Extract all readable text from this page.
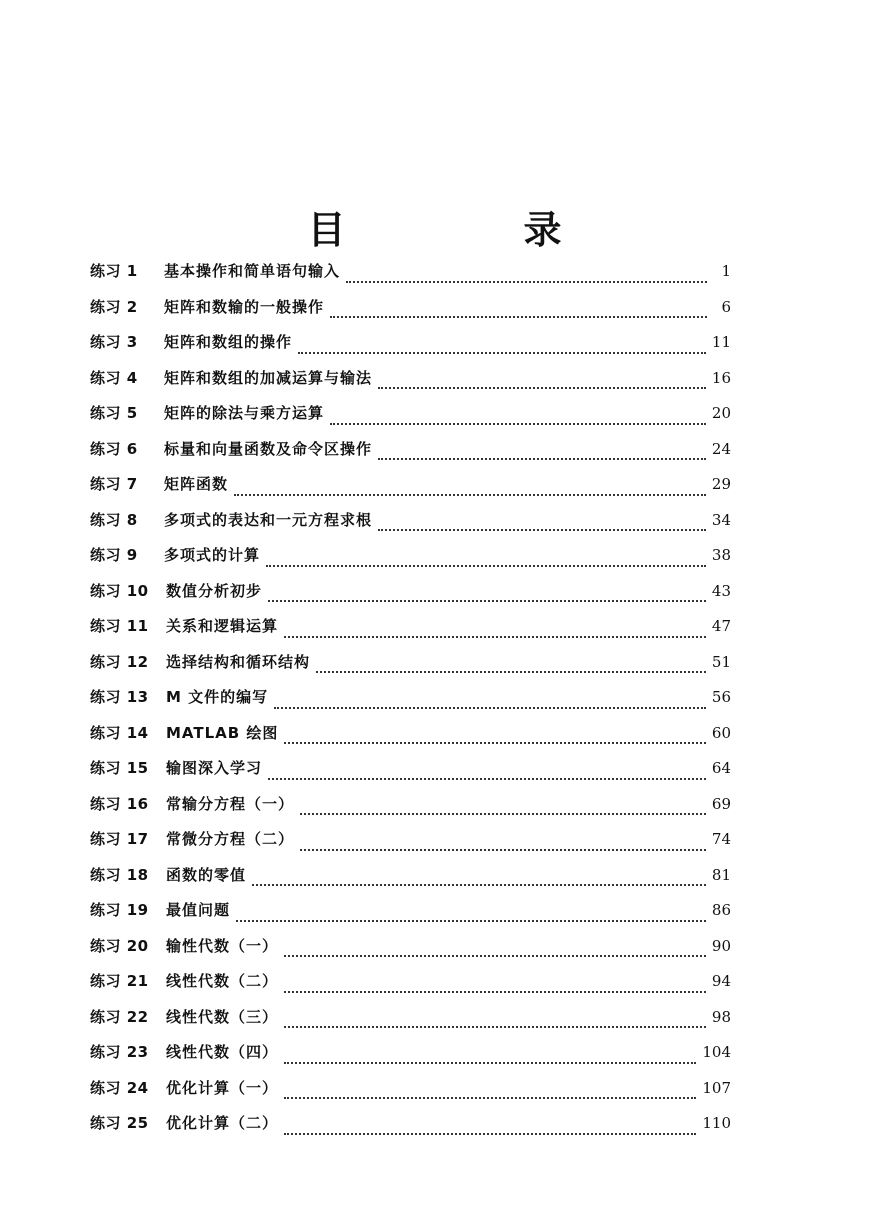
目　录
练习 1	基本操作和简单语句输入	1
练习 2	矩阵和数输的一般操作	6
练习 3	矩阵和数组的操作	11
练习 4	矩阵和数组的加减运算与输法	16
练习 5	矩阵的除法与乘方运算	20
练习 6	标量和向量函数及命令区操作	24
练习 7	矩阵函数	29
练习 8	多项式的表达和一元方程求根	34
练习 9	多项式的计算	38
练习 10	数值分析初步	43
练习 11	关系和逻辑运算	47
练习 12	选择结构和循环结构	51
练习 13	M 文件的编写	56
练习 14	MATLAB 绘图	60
练习 15	输图深入学习	64
练习 16	常输分方程（一）	69
练习 17	常微分方程（二）	74
练习 18	函数的零值	81
练习 19	最值问题	86
练习 20	输性代数（一）	90
练习 21	线性代数（二）	94
练习 22	线性代数（三）	98
练习 23	线性代数（四）	104
练习 24	优化计算（一）	107
练习 25	优化计算（二）	110
